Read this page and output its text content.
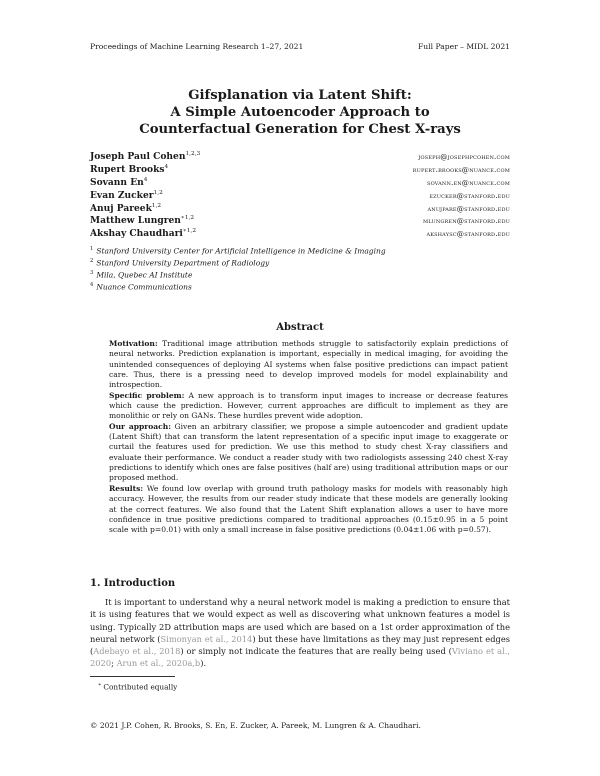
Proceedings of Machine Learning Research 1–27, 2021	Full Paper – MIDL 2021
Gifsplanation via Latent Shift:
A Simple Autoencoder Approach to
Counterfactual Generation for Chest X-rays
Joseph Paul Cohen$^{1,2,3}$	joseph@josephpcohen.com
Rupert Brooks$^4$	rupert.brooks@nuance.com
Sovann En$^4$	sovann.en@nuance.com
Evan Zucker$^{1,2}$	ezucker@stanford.edu
Anuj Pareek$^{1,2}$	anujpare@stanford.edu
Matthew Lungren$^{∗1,2}$	mlungren@stanford.edu
Akshay Chaudhari$^{∗1,2}$	akshaysc@stanford.edu
$^1$ Stanford University Center for Artificial Intelligence in Medicine & Imaging
$^2$ Stanford University Department of Radiology
$^3$ Mila, Quebec AI Institute
$^4$ Nuance Communications
Abstract

Motivation: Traditional image attribution methods struggle to satisfactorily explain predictions of neural networks. Prediction explanation is important, especially in medical imaging, for avoiding the unintended consequences of deploying AI systems when false positive predictions can impact patient care. Thus, there is a pressing need to develop improved models for model explainability and introspection.

Specific problem: A new approach is to transform input images to increase or decrease features which cause the prediction. However, current approaches are difficult to implement as they are monolithic or rely on GANs. These hurdles prevent wide adoption.

Our approach: Given an arbitrary classifier, we propose a simple autoencoder and gradient update (Latent Shift) that can transform the latent representation of a specific input image to exaggerate or curtail the features used for prediction. We use this method to study chest X-ray classifiers and evaluate their performance. We conduct a reader study with two radiologists assessing 240 chest X-ray predictions to identify which ones are false positives (half are) using traditional attribution maps or our proposed method.

Results: We found low overlap with ground truth pathology masks for models with reasonably high accuracy. However, the results from our reader study indicate that these models are generally looking at the correct features. We also found that the Latent Shift explanation allows a user to have more confidence in true positive predictions compared to traditional approaches (0.15±0.95 in a 5 point scale with p=0.01) with only a small increase in false positive predictions (0.04±1.06 with p=0.57).

1. Introduction

It is important to understand why a neural network model is making a prediction to ensure that it is using features that we would expect as well as discovering what unknown features a model is using. Typically 2D attribution maps are used which are based on a 1st order approximation of the neural network (Simonyan et al., 2014) but these have limitations as they may just represent edges (Adebayo et al., 2018) or simply not indicate the features that are really being used (Viviano et al., 2020; Arun et al., 2020a,b).

∗ Contributed equally
© 2021 J.P. Cohen, R. Brooks, S. En, E. Zucker, A. Pareek, M. Lungren & A. Chaudhari.
